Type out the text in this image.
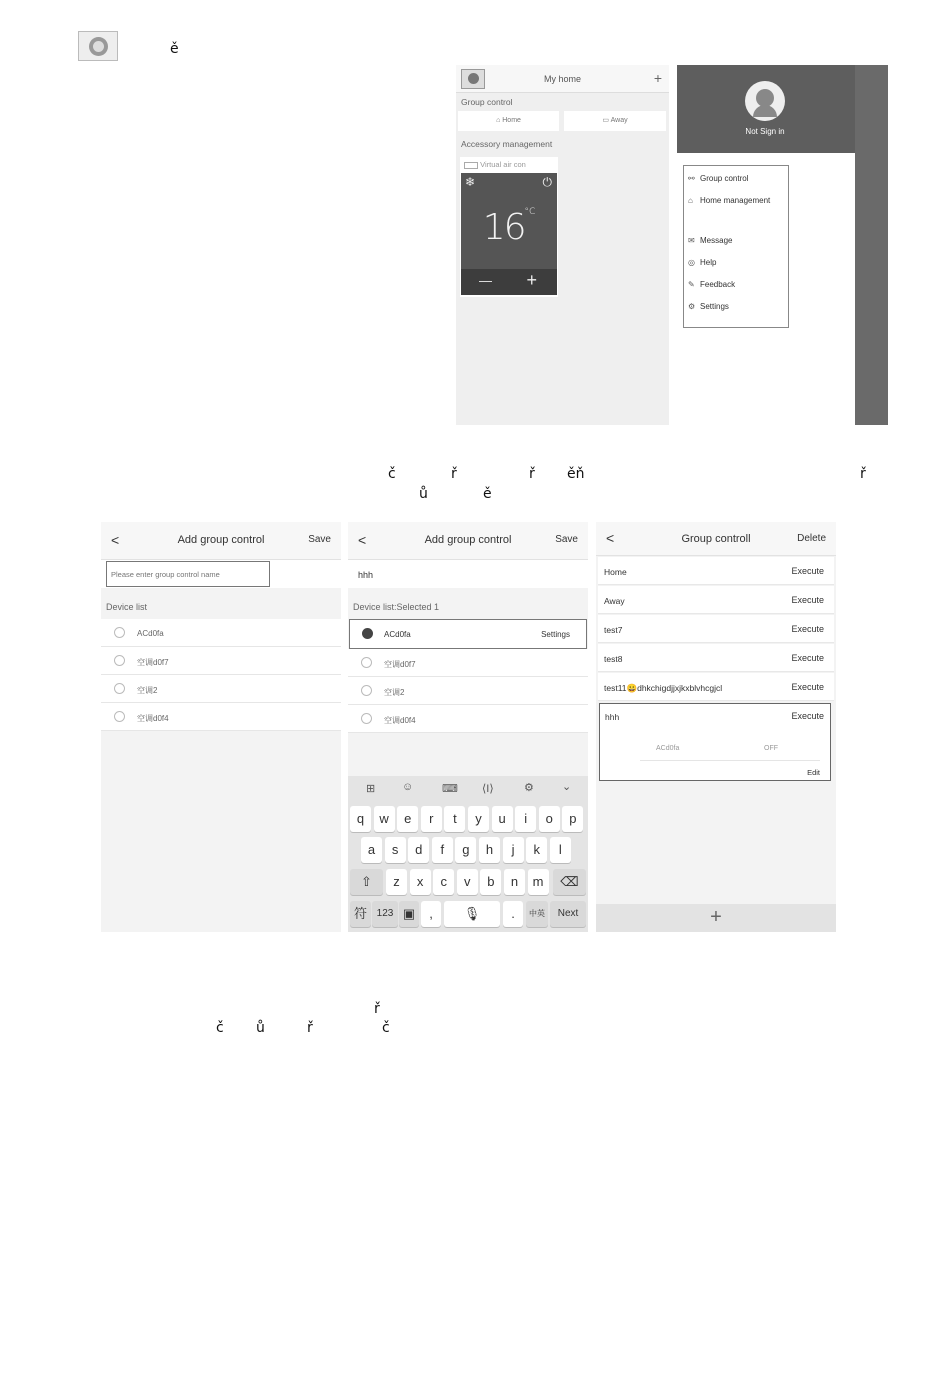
ě
My home	+
Group control
⌂ Home	▭ Away
Accessory management
Virtual air con
❄	⏻
$16^{^\circ C}$
— +
Not Sign in
⚯ Group control
⌂ Home management
✉ Message
◎ Help
✎ Feedback
⚙ Settings
č	ř	ř ěň	ř
ů	ě
<	Add group control	Save
Please enter group control name
Device list
ACd0fa
空调d0f7
空调2
空调d0f4
<	Add group control	Save
hhh
Device list:Selected 1
ACd0fa	Settings
空调d0f7
空调2
空调d0f4
⊞ ☺	⌨ ⟨I⟩	⚙	⌄
q	w	e	r	t	y	u	i	o	p
a	s	d	f	g	h	j	k	l
⇧	z	x	c	v	b	n	m	⌫
符 123 ▣	,	🎙	.	中英	Next
<	Group controll	Delete
Home	Execute
Away	Execute
test7	Execute
test8	Execute
test11😀dhkchigdjjxjkxblvhcgjcl	Execute
hhh	Execute
ACd0fa	OFF
Edit
+
ř
č ů	ř	č
